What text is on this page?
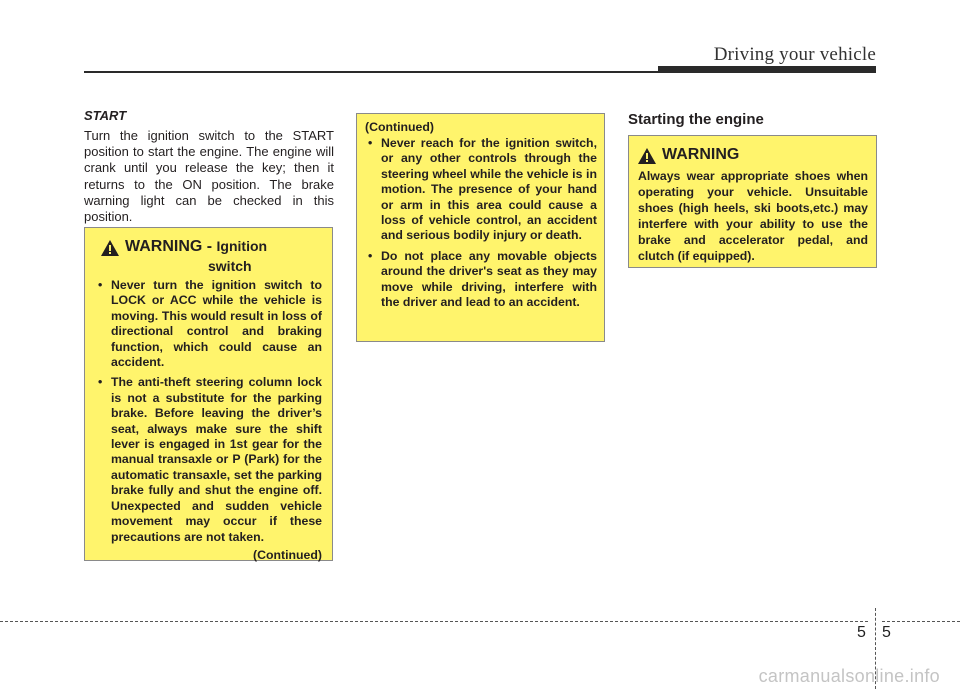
Driving your vehicle

START

Turn the ignition switch to the START position to start the engine. The engine will crank until you release the key; then it returns to the ON position. The brake warning light can be checked in this position.

WARNING - Ignition
switch
• Never turn the ignition switch to LOCK or ACC while the vehicle is moving. This would result in loss of directional control and braking function, which could cause an accident.
• The anti-theft steering column lock is not a substitute for the parking brake. Before leaving the driver’s seat, always make sure the shift lever is engaged in 1st gear for the manual transaxle or P (Park) for the automatic transaxle, set the parking brake fully and shut the engine off. Unexpected and sudden vehicle movement may occur if these precautions are not taken.
(Continued)
(Continued)
• Never reach for the ignition switch, or any other controls through the steering wheel while the vehicle is in motion. The presence of your hand or arm in this area could cause a loss of vehicle control, an accident and serious bodily injury or death.
• Do not place any movable objects around the driver's seat as they may move while driving, interfere with the driver and lead to an accident.
Starting the engine
WARNING

Always wear appropriate shoes when operating your vehicle. Unsuitable shoes (high heels, ski boots,etc.) may interfere with your ability to use the brake and accelerator pedal, and clutch (if equipped).

5 5
carmanualsonline.info
